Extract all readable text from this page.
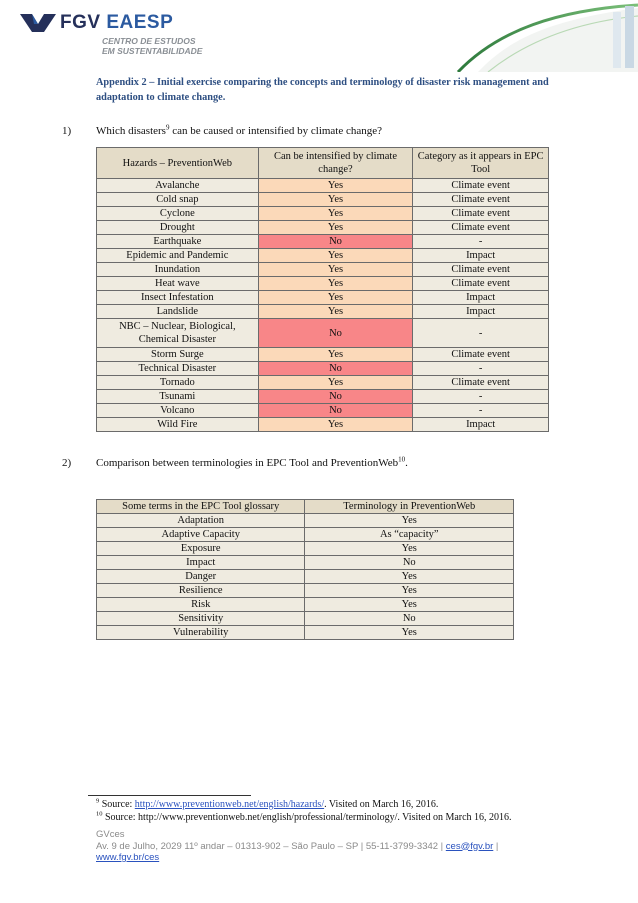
FGV EAESP
CENTRO DE ESTUDOS
EM SUSTENTABILIDADE
Appendix 2 – Initial exercise comparing the concepts and terminology of disaster risk management and adaptation to climate change.
1) Which disasters$^9$ can be caused or intensified by climate change?
Hazards – PreventionWeb	Can be intensified by climate change?	Category as it appears in EPC Tool
Avalanche	Yes	Climate event
Cold snap	Yes	Climate event
Cyclone	Yes	Climate event
Drought	Yes	Climate event
Earthquake	No	-
Epidemic and Pandemic	Yes	Impact
Inundation	Yes	Climate event
Heat wave	Yes	Climate event
Insect Infestation	Yes	Impact
Landslide	Yes	Impact
NBC – Nuclear, Biological, Chemical Disaster	No	-
Storm Surge	Yes	Climate event
Technical Disaster	No	-
Tornado	Yes	Climate event
Tsunami	No	-
Volcano	No	-
Wild Fire	Yes	Impact
2) Comparison between terminologies in EPC Tool and PreventionWeb$^{10}$.
Some terms in the EPC Tool glossary	Terminology in PreventionWeb
Adaptation	Yes
Adaptive Capacity	As “capacity”
Exposure	Yes
Impact	No
Danger	Yes
Resilience	Yes
Risk	Yes
Sensitivity	No
Vulnerability	Yes
$^9$ Source: http://www.preventionweb.net/english/hazards/. Visited on March 16, 2016.
$^{10}$ Source: http://www.preventionweb.net/english/professional/terminology/. Visited on March 16, 2016.
GVces
Av. 9 de Julho, 2029 11º andar – 01313-902 – São Paulo – SP | 55-11-3799-3342 | ces@fgv.br |
www.fgv.br/ces
